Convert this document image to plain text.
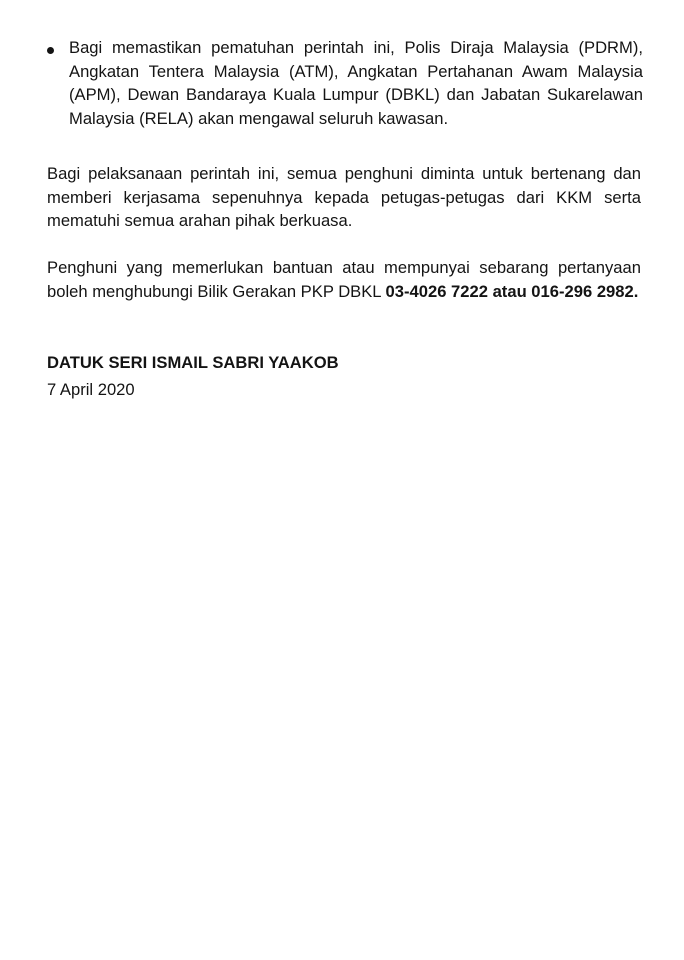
Bagi memastikan pematuhan perintah ini, Polis Diraja Malaysia (PDRM), Angkatan Tentera Malaysia (ATM), Angkatan Pertahanan Awam Malaysia (APM), Dewan Bandaraya Kuala Lumpur (DBKL) dan Jabatan Sukarelawan Malaysia (RELA) akan mengawal seluruh kawasan.

Bagi pelaksanaan perintah ini, semua penghuni diminta untuk bertenang dan memberi kerjasama sepenuhnya kepada petugas-petugas dari KKM serta mematuhi semua arahan pihak berkuasa.

Penghuni yang memerlukan bantuan atau mempunyai sebarang pertanyaan boleh menghubungi Bilik Gerakan PKP DBKL 03-4026 7222 atau 016-296 2982.

DATUK SERI ISMAIL SABRI YAAKOB

7 April 2020
